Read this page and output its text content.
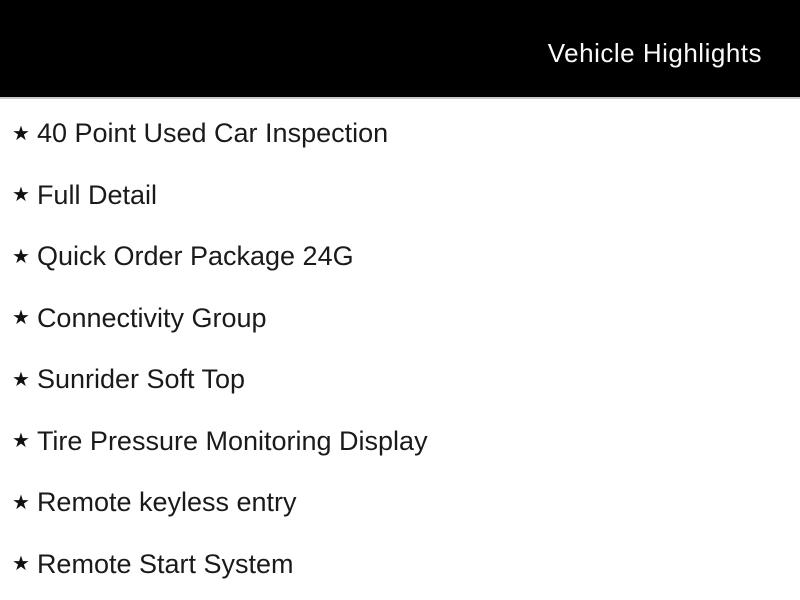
Vehicle Highlights
★ 40 Point Used Car Inspection
★ Full Detail
★ Quick Order Package 24G
★ Connectivity Group
★ Sunrider Soft Top
★ Tire Pressure Monitoring Display
★ Remote keyless entry
★ Remote Start System
